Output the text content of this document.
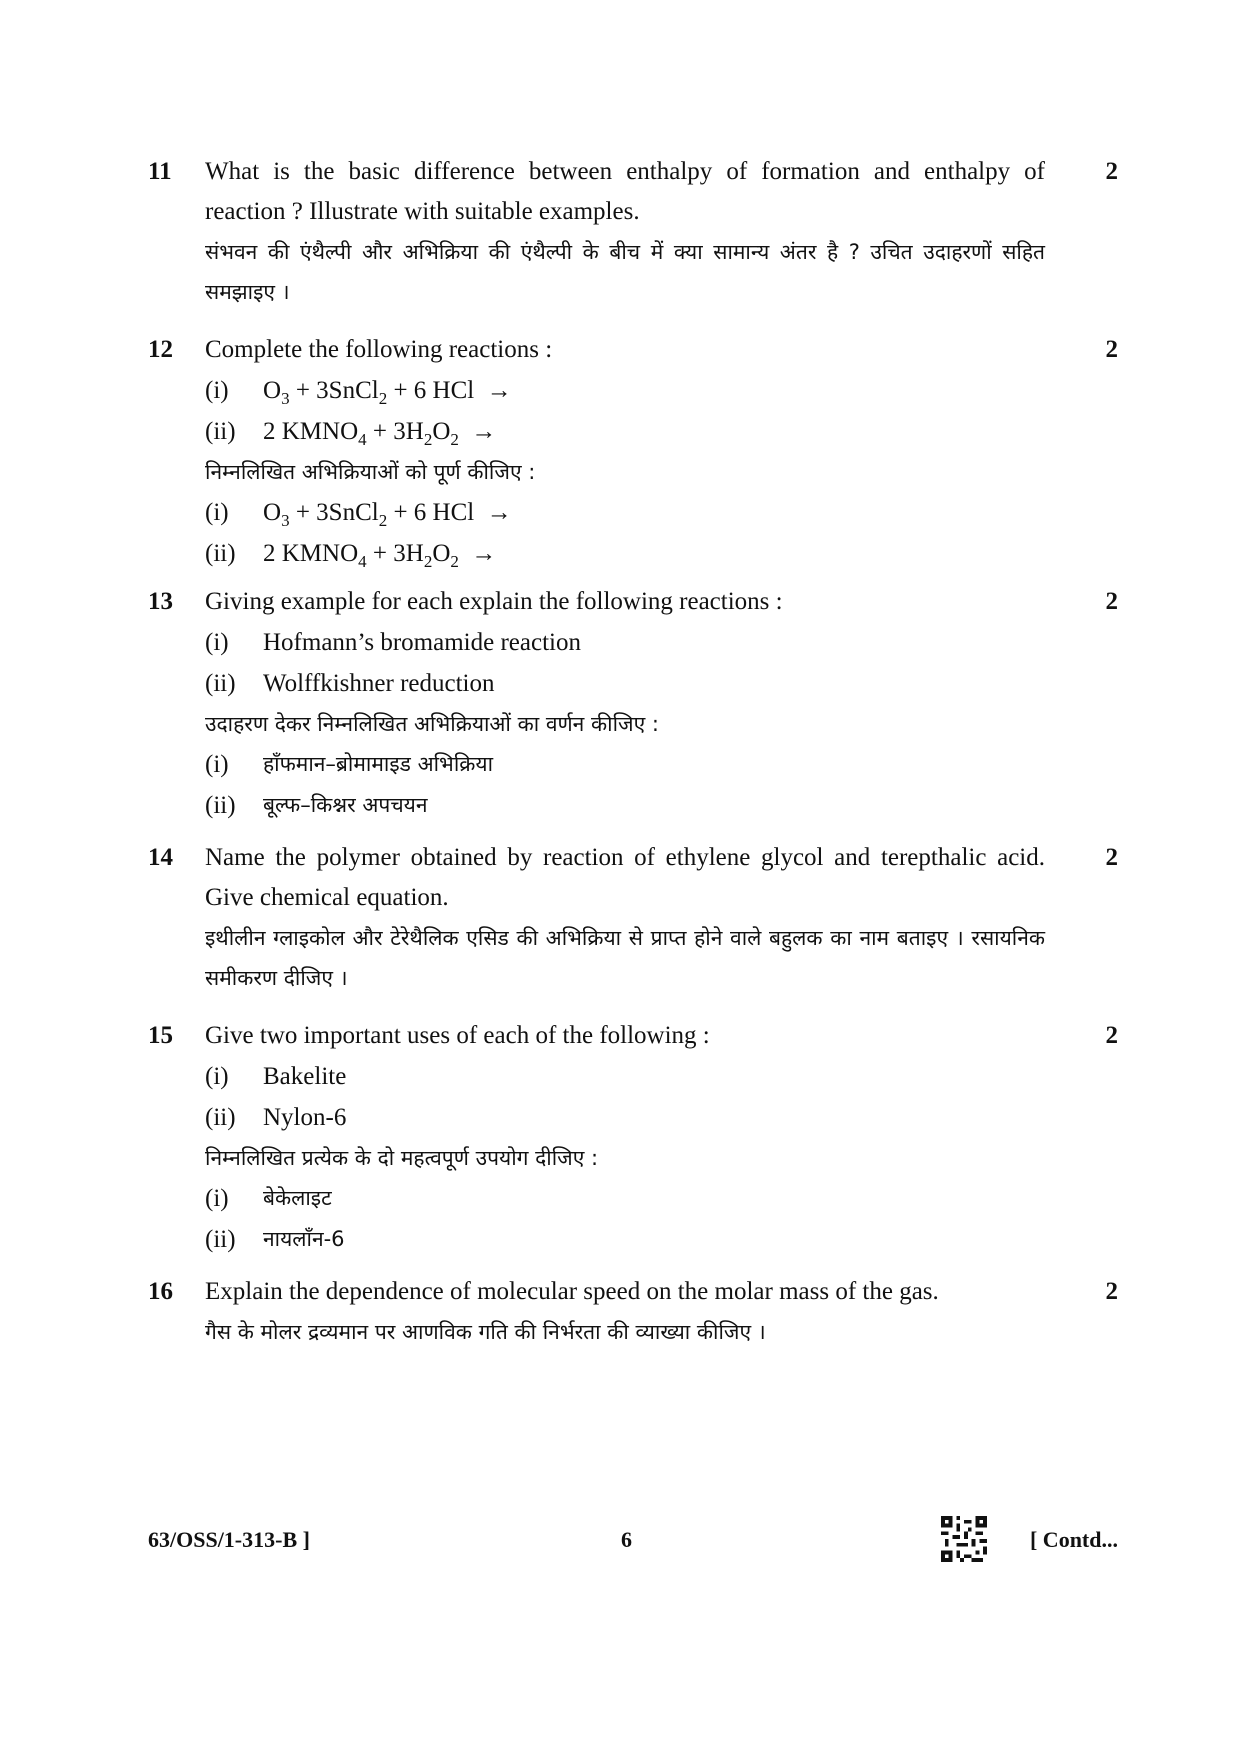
11	2

What is the basic difference between enthalpy of formation and enthalpy of reaction ? Illustrate with suitable examples.

संभवन की एंथैल्पी और अभिक्रिया की एंथैल्पी के बीच में क्या सामान्य अंतर है ? उचित उदाहरणों सहित समझाइए ।

12	2

Complete the following reactions :

(i)	$O_3$ + 3SnCl$_2$ + 6 HCl  →
(ii)	2 $KMNO_4 + 3H_2O_2$  →

निम्नलिखित अभिक्रियाओं को पूर्ण कीजिए :

(i)	$O_3$ + 3SnCl$_2$ + 6 HCl  →
(ii)	2 $KMNO_4 + 3H_2O_2$  →
13	2

Giving example for each explain the following reactions :

(i)	Hofmann’s bromamide reaction
(ii)	Wolffkishner reduction

उदाहरण देकर निम्नलिखित अभिक्रियाओं का वर्णन कीजिए :

(i)	हाँफमान–ब्रोमामाइड अभिक्रिया
(ii)	बूल्फ–किश्नर अपचयन
14	2

Name the polymer obtained by reaction of ethylene glycol and terepthalic acid. Give chemical equation.

इथीलीन ग्लाइकोल और टेरेथैलिक एसिड की अभिक्रिया से प्राप्त होने वाले बहुलक का नाम बताइए । रसायनिक समीकरण दीजिए ।

15	2

Give two important uses of each of the following :

(i)	Bakelite
(ii)	Nylon-6

निम्नलिखित प्रत्येक के दो महत्वपूर्ण उपयोग दीजिए :

(i)	बेकेलाइट
(ii)	नायलाँन-6
16	2

Explain the dependence of molecular speed on the molar mass of the gas.

गैस के मोलर द्रव्यमान पर आणविक गति की निर्भरता की व्याख्या कीजिए ।

63/OSS/1-313-B ]	6	[ Contd...
